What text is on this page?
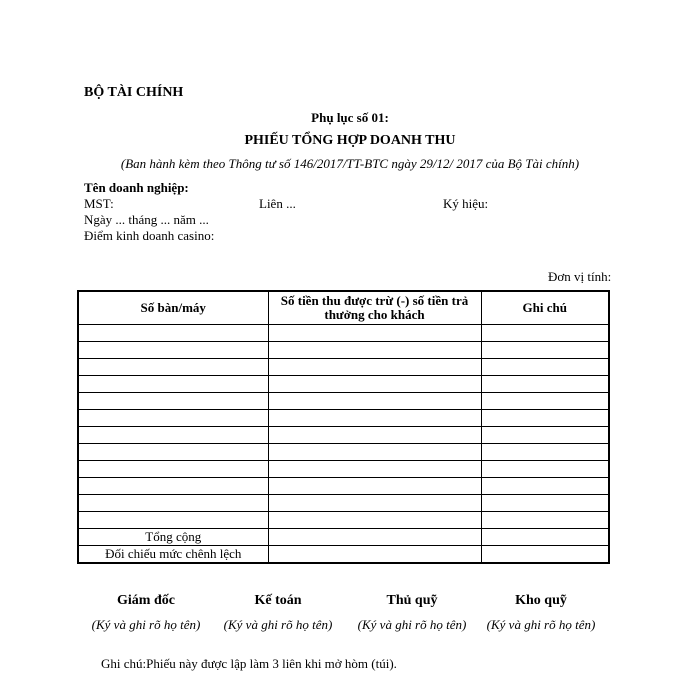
BỘ TÀI CHÍNH
Phụ lục số 01:
PHIẾU TỔNG HỢP DOANH THU
(Ban hành kèm theo Thông tư số 146/2017/TT-BTC ngày 29/12/ 2017 của Bộ Tài chính)
Tên doanh nghiệp:
MST:	Liên ...	Ký hiệu:
Ngày ... tháng ... năm ...
Điểm kinh doanh casino:
Đơn vị tính:
Số bàn/máy	Số tiền thu được trừ (-) số tiền trả thưởng cho khách	Ghi chú

Tổng cộng		
Đối chiếu mức chênh lệch		
Giám đốc
(Ký và ghi rõ họ tên)
Kế toán
(Ký và ghi rõ họ tên)
Thủ quỹ
(Ký và ghi rõ họ tên)
Kho quỹ
(Ký và ghi rõ họ tên)
Ghi chú:Phiếu này được lập làm 3 liên khi mở hòm (túi).
